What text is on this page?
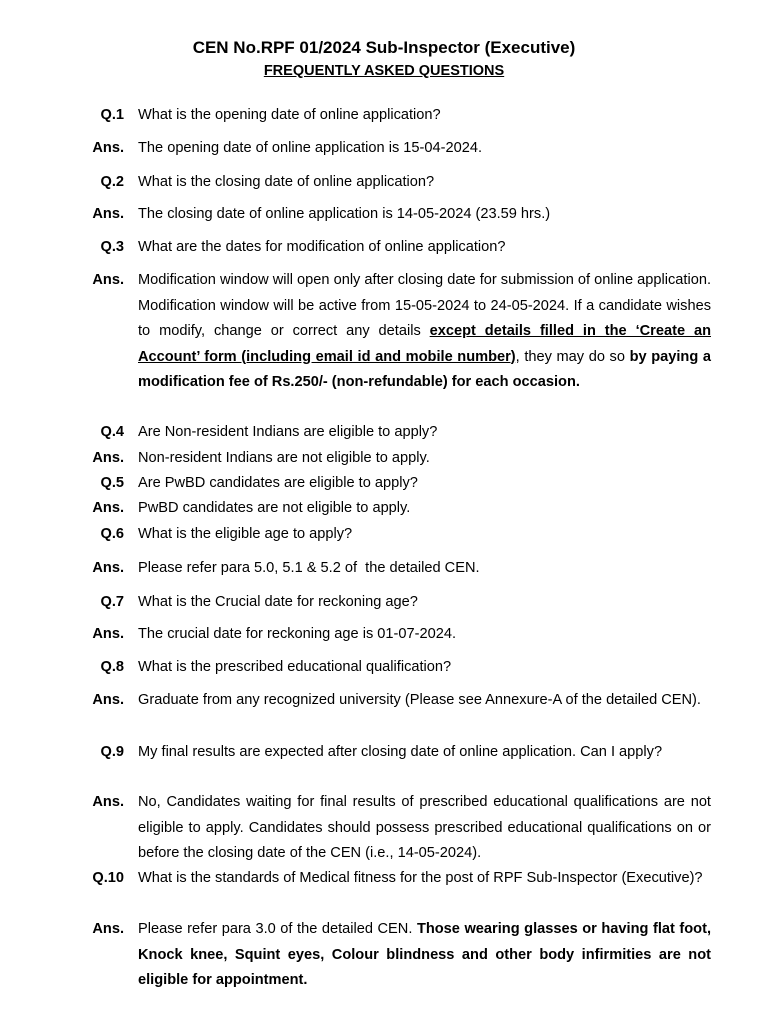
CEN No.RPF 01/2024 Sub-Inspector (Executive)
FREQUENTLY ASKED QUESTIONS
Q.1 What is the opening date of online application?
Ans. The opening date of online application is 15-04-2024.
Q.2 What is the closing date of online application?
Ans. The closing date of online application is 14-05-2024 (23.59 hrs.)
Q.3 What are the dates for modification of online application?
Ans. Modification window will open only after closing date for submission of online application. Modification window will be active from 15-05-2024 to 24-05-2024. If a candidate wishes to modify, change or correct any details except details filled in the ‘Create an Account’ form (including email id and mobile number), they may do so by paying a modification fee of Rs.250/- (non-refundable) for each occasion.
Q.4 Are Non-resident Indians are eligible to apply?
Ans. Non-resident Indians are not eligible to apply.
Q.5 Are PwBD candidates are eligible to apply?
Ans. PwBD candidates are not eligible to apply.
Q.6 What is the eligible age to apply?
Ans. Please refer para 5.0, 5.1 & 5.2 of  the detailed CEN.
Q.7 What is the Crucial date for reckoning age?
Ans. The crucial date for reckoning age is 01-07-2024.
Q.8 What is the prescribed educational qualification?
Ans. Graduate from any recognized university (Please see Annexure-A of the detailed CEN).
Q.9 My final results are expected after closing date of online application. Can I apply?
Ans. No, Candidates waiting for final results of prescribed educational qualifications are not eligible to apply. Candidates should possess prescribed educational qualifications on or before the closing date of the CEN (i.e., 14-05-2024).
Q.10 What is the standards of Medical fitness for the post of RPF Sub-Inspector (Executive)?
Ans. Please refer para 3.0 of the detailed CEN. Those wearing glasses or having flat foot, Knock knee, Squint eyes, Colour blindness and other body infirmities are not eligible for appointment.
